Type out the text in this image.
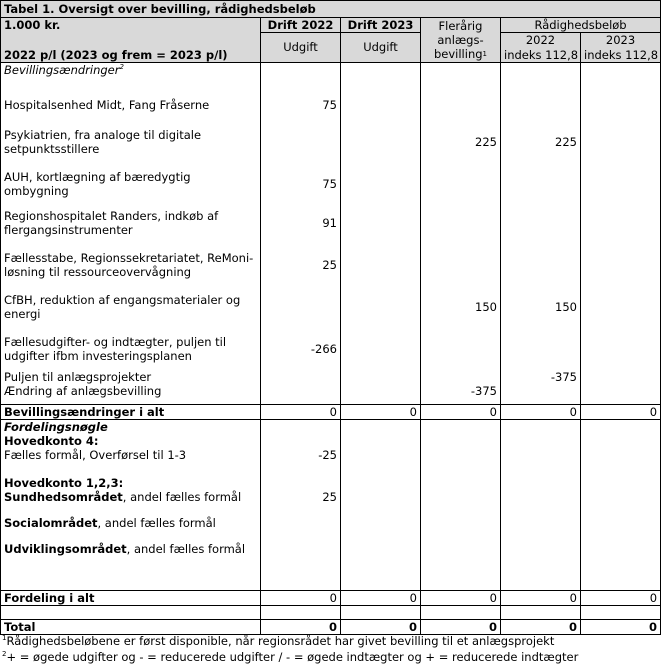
Tabel 1. Oversigt over bevilling, rådighedsbeløb					
1.000 kr.	Drift 2022	Drift 2023	Flerårig anlægs-bevilling$^1$	Rådighedsbeløb	
2022 p/l (2023 og frem = 2023 p/l)	Udgift	Udgift		2022	2023
				indeks 112,8	indeks 112,8
Bevillingsændringer$^2$					

Hospitalsenhed Midt, Fang Fråserne	75				
Psykiatrien, fra analoge til digitale setpunktsstillere			225	225	
AUH, kortlægning af bæredygtig ombygning	75				
Regionshospitalet Randers, indkøb af flergangsinstrumenter	91				
Fællesstabe, Regionssekretariatet, ReMoni-løsning til ressourceovervågning	25				
CfBH, reduktion af engangsmaterialer og energi			150	150	
Fællesudgifter- og indtægter, puljen til udgifter ifbm investeringsplanen	-266				
Puljen til anlægsprojekter				-375	
Ændring af anlægsbevilling			-375		

Bevillingsændringer i alt	0	0	0	0	0
Fordelingsnøgle					
Hovedkonto 4:					
Fælles formål, Overførsel til 1-3	-25				

Hovedkonto 1,2,3:					
Sundhedsområdet, andel fælles formål	25				

Socialområdet, andel fælles formål					

Udviklingsområdet, andel fælles formål					

Fordeling i alt	0	0	0	0	0

Total	0	0	0	0	0
$^1$Rådighedsbeløbene er først disponible, når regionsrådet har givet bevilling til et anlægsprojekt
$^2$+ = øgede udgifter og - = reducerede udgifter / - = øgede indtægter og + = reducerede indtægter
